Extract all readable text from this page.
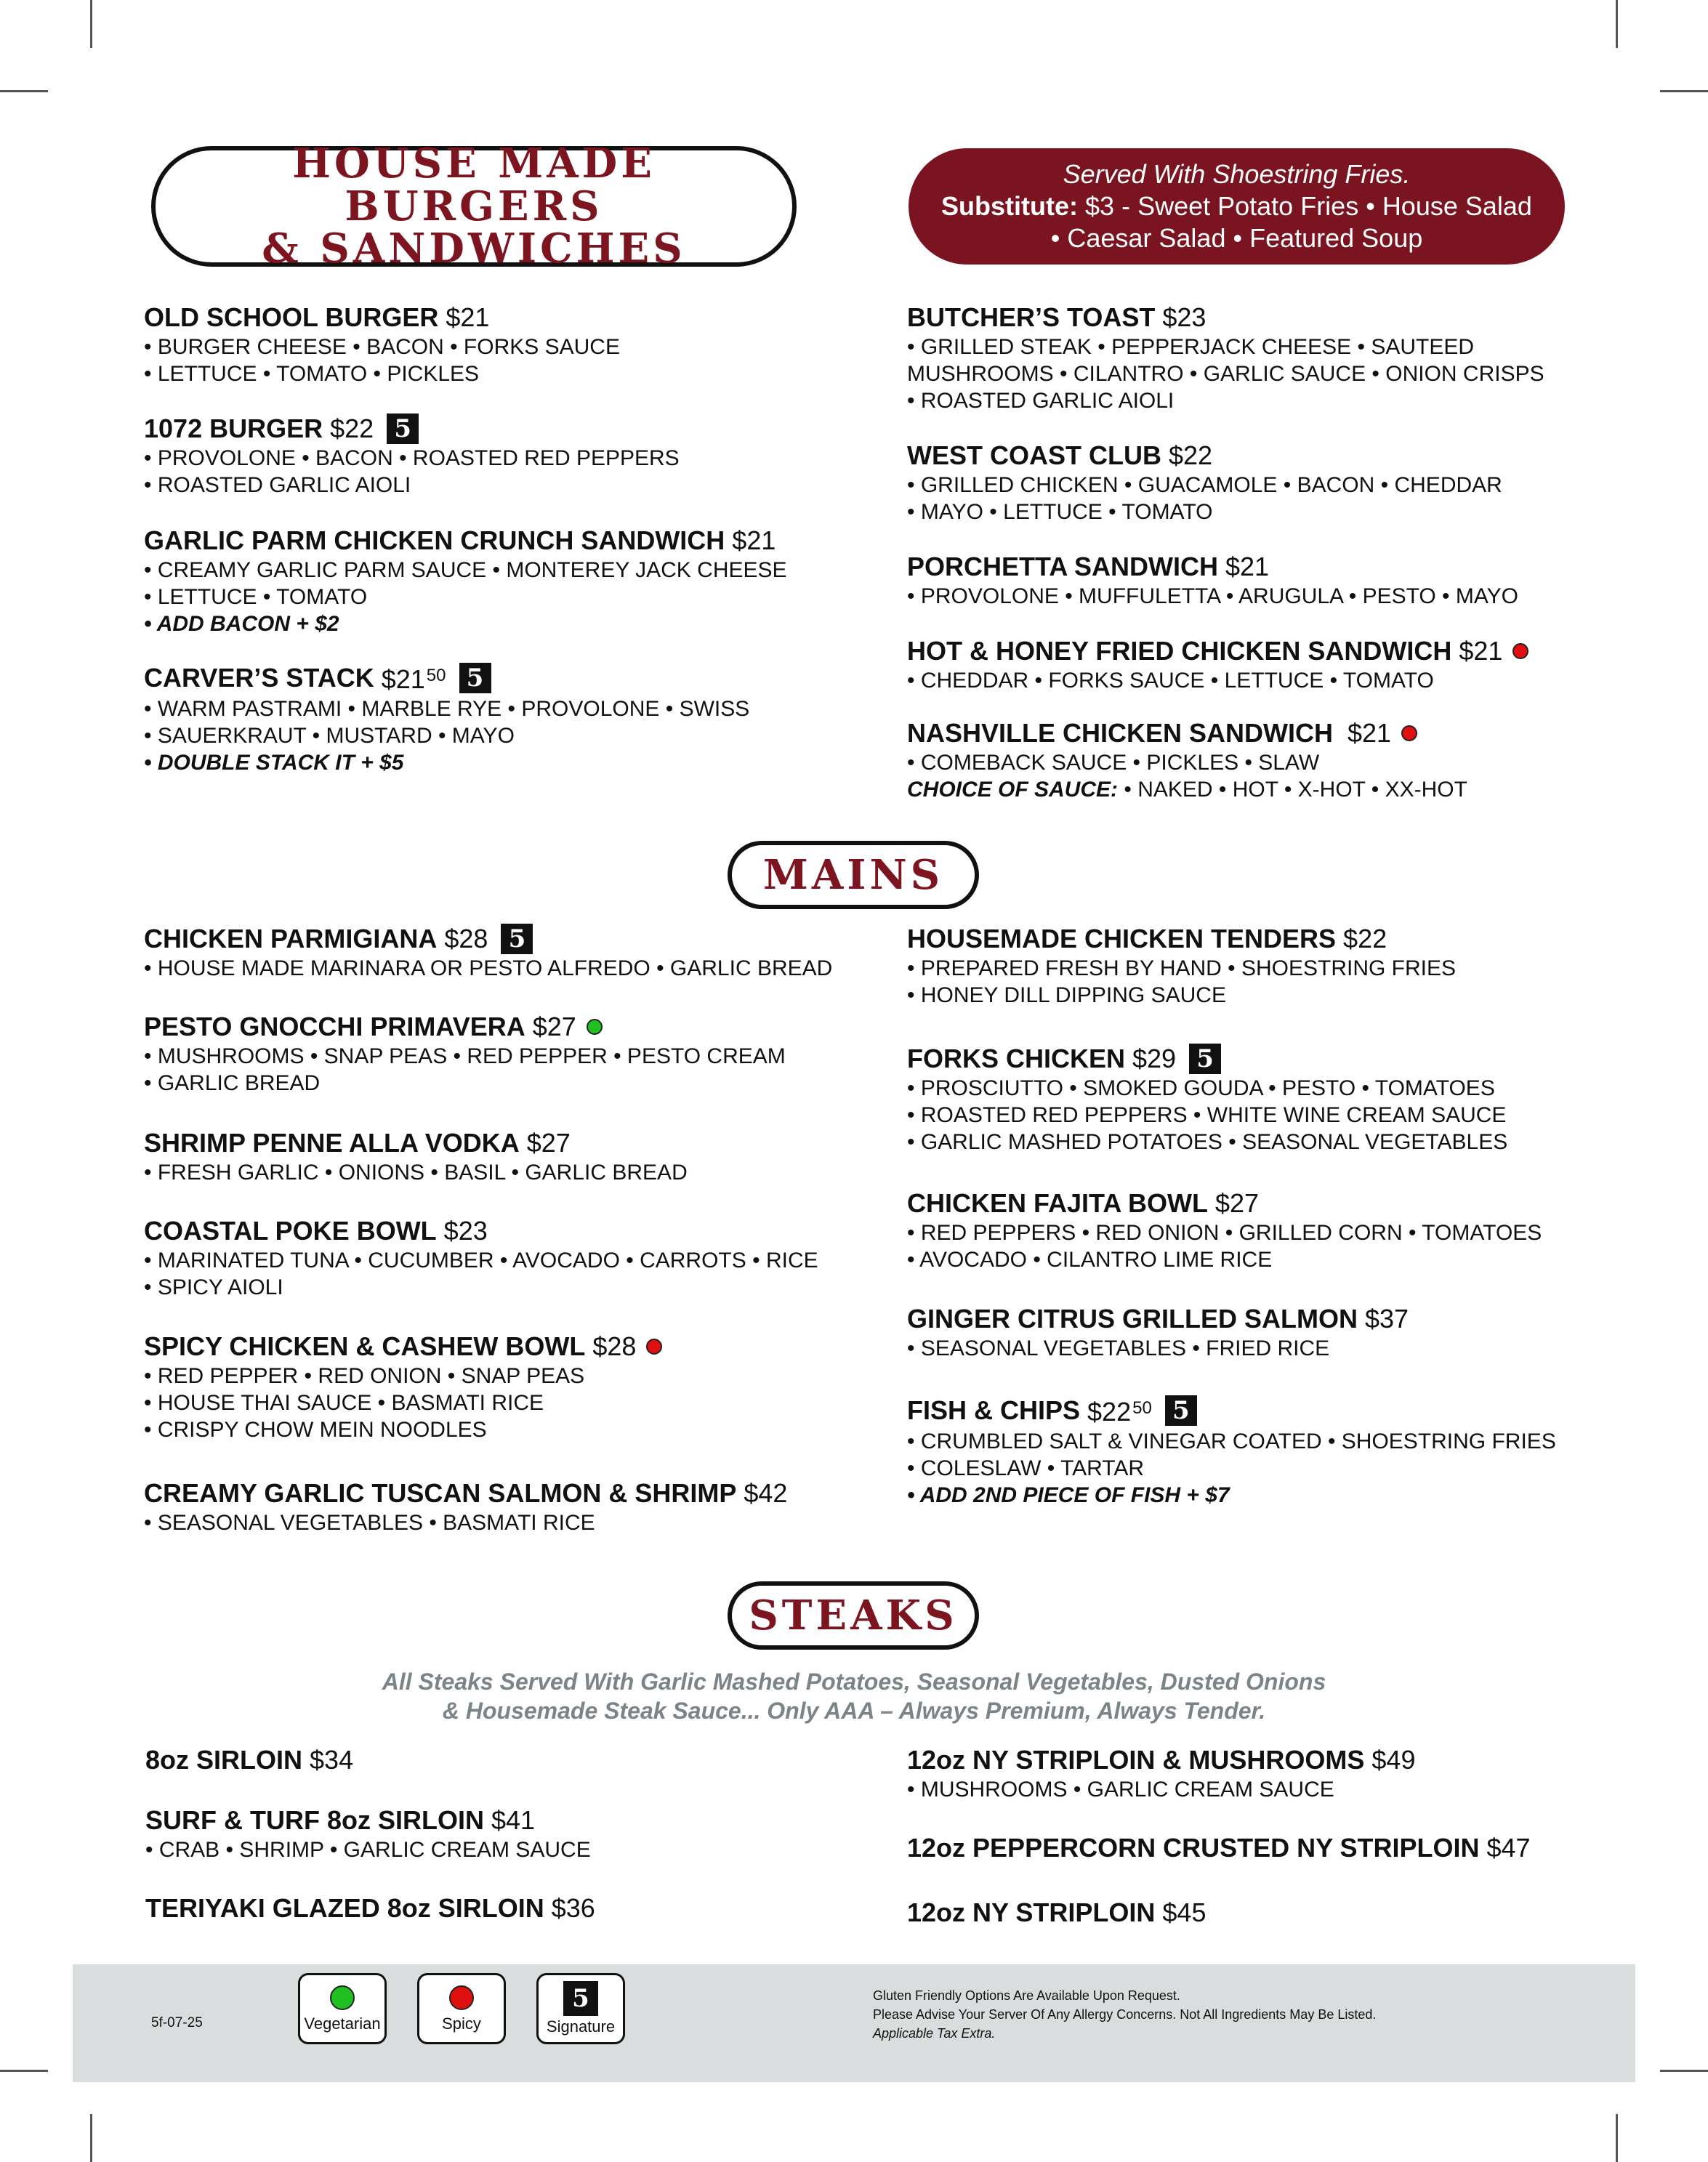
HOUSE MADE BURGERS
& SANDWICHES
Served With Shoestring Fries.
Substitute: $3 - Sweet Potato Fries • House Salad
• Caesar Salad • Featured Soup
OLD SCHOOL BURGER $21
• BURGER CHEESE • BACON • FORKS SAUCE
• LETTUCE • TOMATO • PICKLES
1072 BURGER $22 5
• PROVOLONE • BACON • ROASTED RED PEPPERS
• ROASTED GARLIC AIOLI
GARLIC PARM CHICKEN CRUNCH SANDWICH $21
• CREAMY GARLIC PARM SAUCE • MONTEREY JACK CHEESE
• LETTUCE • TOMATO
• ADD BACON + $2
CARVER’S STACK $\$21^{50}$ 5
• WARM PASTRAMI • MARBLE RYE • PROVOLONE • SWISS
• SAUERKRAUT • MUSTARD • MAYO
• DOUBLE STACK IT + $5
BUTCHER’S TOAST $23
• GRILLED STEAK • PEPPERJACK CHEESE • SAUTEED
MUSHROOMS • CILANTRO • GARLIC SAUCE • ONION CRISPS
• ROASTED GARLIC AIOLI
WEST COAST CLUB $22
• GRILLED CHICKEN • GUACAMOLE • BACON • CHEDDAR
• MAYO • LETTUCE • TOMATO
PORCHETTA SANDWICH $21
• PROVOLONE • MUFFULETTA • ARUGULA • PESTO • MAYO
HOT & HONEY FRIED CHICKEN SANDWICH $21
• CHEDDAR • FORKS SAUCE • LETTUCE • TOMATO
NASHVILLE CHICKEN SANDWICH $21
• COMEBACK SAUCE • PICKLES • SLAW
CHOICE OF SAUCE: • NAKED • HOT • X-HOT • XX-HOT
MAINS
CHICKEN PARMIGIANA $28 5
• HOUSE MADE MARINARA OR PESTO ALFREDO • GARLIC BREAD
PESTO GNOCCHI PRIMAVERA $27
• MUSHROOMS • SNAP PEAS • RED PEPPER • PESTO CREAM
• GARLIC BREAD
SHRIMP PENNE ALLA VODKA $27
• FRESH GARLIC • ONIONS • BASIL • GARLIC BREAD
COASTAL POKE BOWL $23
• MARINATED TUNA • CUCUMBER • AVOCADO • CARROTS • RICE
• SPICY AIOLI
SPICY CHICKEN & CASHEW BOWL $28
• RED PEPPER • RED ONION • SNAP PEAS
• HOUSE THAI SAUCE • BASMATI RICE
• CRISPY CHOW MEIN NOODLES
CREAMY GARLIC TUSCAN SALMON & SHRIMP $42
• SEASONAL VEGETABLES • BASMATI RICE
HOUSEMADE CHICKEN TENDERS $22
• PREPARED FRESH BY HAND • SHOESTRING FRIES
• HONEY DILL DIPPING SAUCE
FORKS CHICKEN $29 5
• PROSCIUTTO • SMOKED GOUDA • PESTO • TOMATOES
• ROASTED RED PEPPERS • WHITE WINE CREAM SAUCE
• GARLIC MASHED POTATOES • SEASONAL VEGETABLES
CHICKEN FAJITA BOWL $27
• RED PEPPERS • RED ONION • GRILLED CORN • TOMATOES
• AVOCADO • CILANTRO LIME RICE
GINGER CITRUS GRILLED SALMON $37
• SEASONAL VEGETABLES • FRIED RICE
FISH & CHIPS $\$22^{50}$ 5
• CRUMBLED SALT & VINEGAR COATED • SHOESTRING FRIES
• COLESLAW • TARTAR
• ADD 2ND PIECE OF FISH + $7
STEAKS
All Steaks Served With Garlic Mashed Potatoes, Seasonal Vegetables, Dusted Onions
& Housemade Steak Sauce... Only AAA – Always Premium, Always Tender.
8oz SIRLOIN $34
SURF & TURF 8oz SIRLOIN $41
• CRAB • SHRIMP • GARLIC CREAM SAUCE
TERIYAKI GLAZED 8oz SIRLOIN $36
12oz NY STRIPLOIN & MUSHROOMS $49
• MUSHROOMS • GARLIC CREAM SAUCE
12oz PEPPERCORN CRUSTED NY STRIPLOIN $47
12oz NY STRIPLOIN $45
5f-07-25	Vegetarian	Spicy
5
Signature
Gluten Friendly Options Are Available Upon Request.
Please Advise Your Server Of Any Allergy Concerns. Not All Ingredients May Be Listed.
Applicable Tax Extra.
